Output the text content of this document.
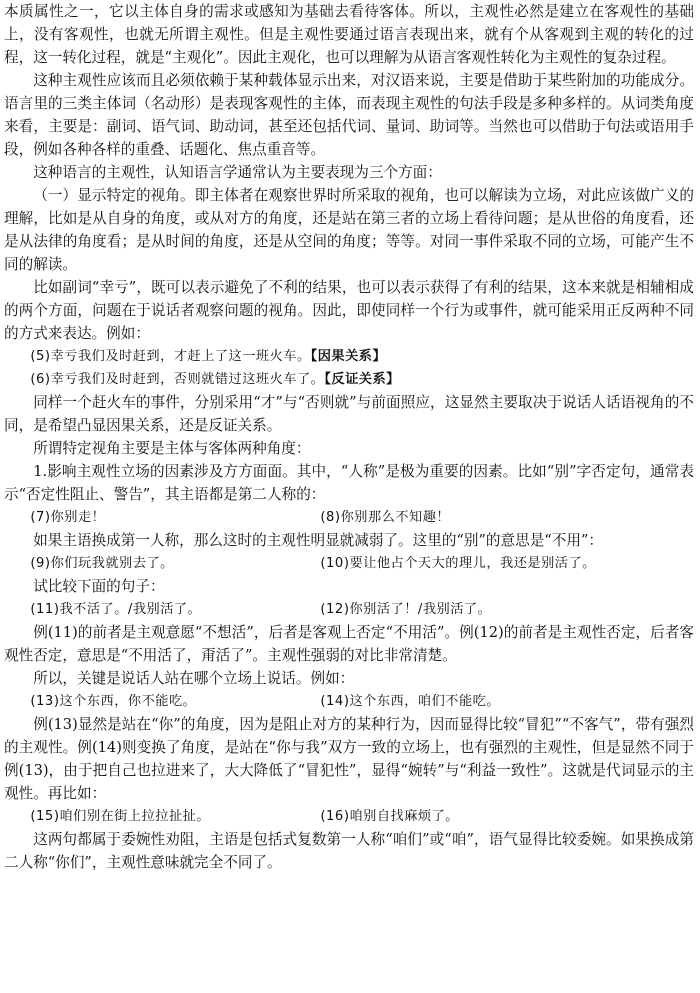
本质属性之一，它以主体自身的需求或感知为基础去看待客体。所以，主观性必然是建立在客观性的基础上，没有客观性，也就无所谓主观性。但是主观性要通过语言表现出来，就有个从客观到主观的转化的过程，这一转化过程，就是“主观化”。因此主观化，也可以理解为从语言客观性转化为主观性的复杂过程。

这种主观性应该而且必须依赖于某种载体显示出来，对汉语来说，主要是借助于某些附加的功能成分。语言里的三类主体词（名动形）是表现客观性的主体，而表现主观性的句法手段是多种多样的。从词类角度来看，主要是：副词、语气词、助动词，甚至还包括代词、量词、助词等。当然也可以借助于句法或语用手段，例如各种各样的重叠、话题化、焦点重音等。

这种语言的主观性，认知语言学通常认为主要表现为三个方面：

（一）显示特定的视角。即主体者在观察世界时所采取的视角，也可以解读为立场，对此应该做广义的理解，比如是从自身的角度，或从对方的角度，还是站在第三者的立场上看待问题；是从世俗的角度看，还是从法律的角度看；是从时间的角度，还是从空间的角度；等等。对同一事件采取不同的立场，可能产生不同的解读。

比如副词“幸亏”，既可以表示避免了不利的结果，也可以表示获得了有利的结果，这本来就是相辅相成的两个方面，问题在于说话者观察问题的视角。因此，即使同样一个行为或事件，就可能采用正反两种不同的方式来表达。例如：

(5)幸亏我们及时赶到，才赶上了这一班火车。【因果关系】
(6)幸亏我们及时赶到，否则就错过这班火车了。【反证关系】

同样一个赶火车的事件，分别采用“才”与“否则就”与前面照应，这显然主要取决于说话人话语视角的不同，是希望凸显因果关系，还是反证关系。

所谓特定视角主要是主体与客体两种角度：

1.影响主观性立场的因素涉及方方面面。其中，“人称”是极为重要的因素。比如“别”字否定句，通常表示“否定性阻止、警告”，其主语都是第二人称的：

(7)你别走！	(8)你别那么不知趣！

如果主语换成第一人称，那么这时的主观性明显就减弱了。这里的“别”的意思是“不用”：

(9)你们玩我就别去了。	(10)要让他占个天大的理儿，我还是别活了。

试比较下面的句子：

(11)我不活了。/我别活了。	(12)你别活了！/我别活了。

例(11)的前者是主观意愿“不想活”，后者是客观上否定“不用活”。例(12)的前者是主观性否定，后者客观性否定，意思是“不用活了，甭活了”。主观性强弱的对比非常清楚。

所以，关键是说话人站在哪个立场上说话。例如：

(13)这个东西，你不能吃。	(14)这个东西，咱们不能吃。

例(13)显然是站在“你”的角度，因为是阻止对方的某种行为，因而显得比较“冒犯”“不客气”，带有强烈的主观性。例(14)则变换了角度，是站在“你与我”双方一致的立场上，也有强烈的主观性，但是显然不同于例(13)，由于把自己也拉进来了，大大降低了“冒犯性”，显得“婉转”与“利益一致性”。这就是代词显示的主观性。再比如：

(15)咱们别在街上拉拉扯扯。	(16)咱别自找麻烦了。

这两句都属于委婉性劝阻，主语是包括式复数第一人称“咱们”或“咱”，语气显得比较委婉。如果换成第二人称“你们”，主观性意味就完全不同了。
